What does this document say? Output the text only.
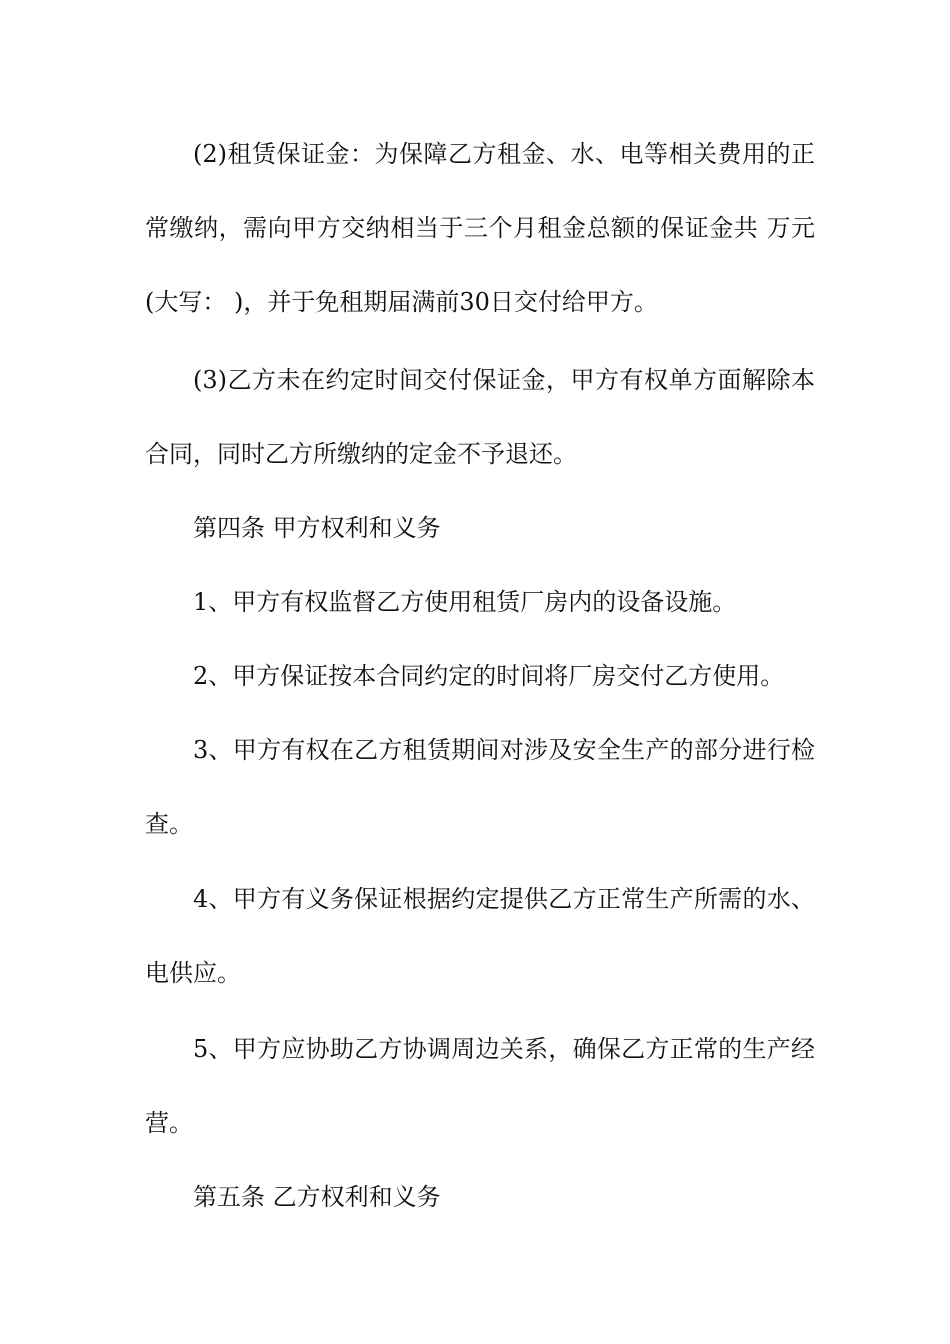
(2)租赁保证金：为保障乙方租金、水、电等相关费用的正常缴纳，需向甲方交纳相当于三个月租金总额的保证金共 万元(大写： )，并于免租期届满前30日交付给甲方。

(3)乙方未在约定时间交付保证金，甲方有权单方面解除本合同，同时乙方所缴纳的定金不予退还。

第四条 甲方权利和义务

1、甲方有权监督乙方使用租赁厂房内的设备设施。

2、甲方保证按本合同约定的时间将厂房交付乙方使用。

3、甲方有权在乙方租赁期间对涉及安全生产的部分进行检查。

4、甲方有义务保证根据约定提供乙方正常生产所需的水、电供应。

5、甲方应协助乙方协调周边关系，确保乙方正常的生产经营。

第五条 乙方权利和义务
